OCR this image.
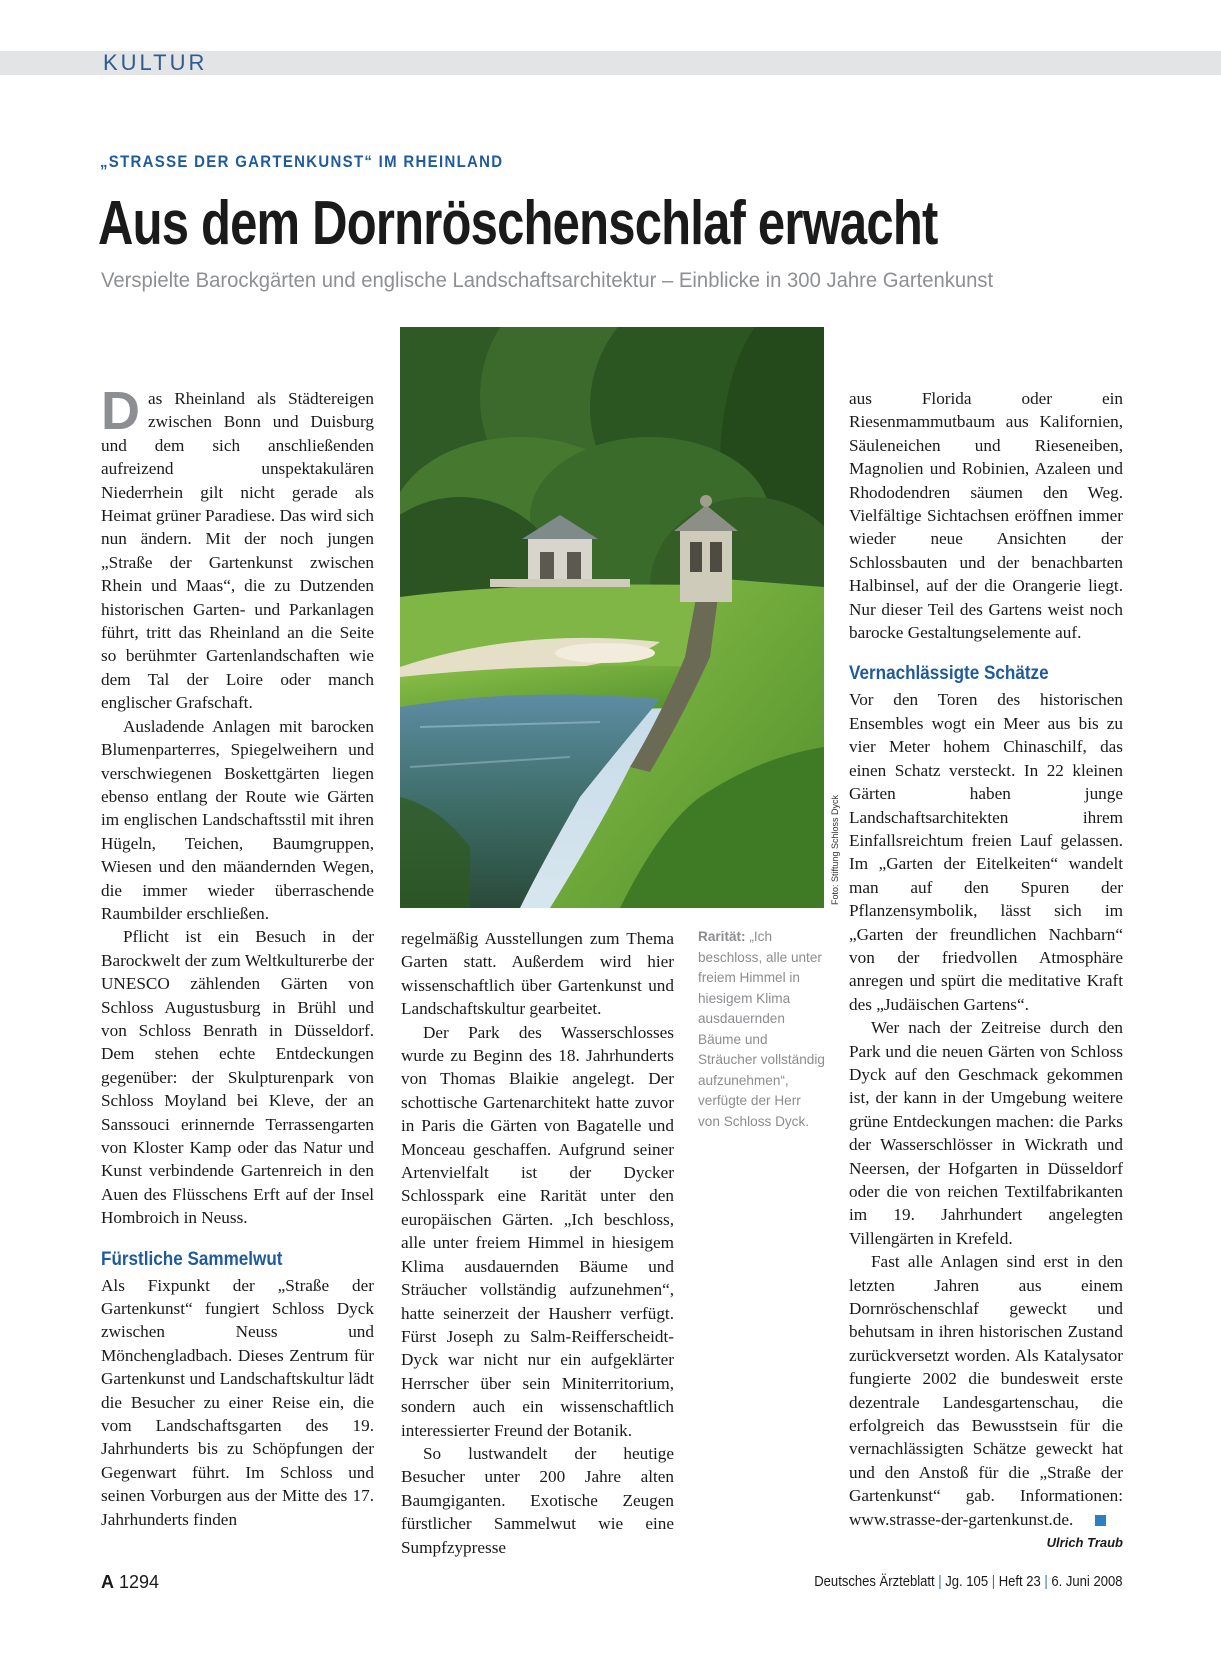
KULTUR
„STRASSE DER GARTENKUNST“ IM RHEINLAND
Aus dem Dornröschenschlaf erwacht
Verspielte Barockgärten und englische Landschaftsarchitektur – Einblicke in 300 Jahre Gartenkunst

Das Rheinland als Städtereigen zwischen Bonn und Duisburg und dem sich anschließenden aufreizend unspektakulären Niederrhein gilt nicht gerade als Heimat grüner Paradiese. Das wird sich nun ändern. Mit der noch jungen „Straße der Gartenkunst zwischen Rhein und Maas“, die zu Dutzenden historischen Garten- und Parkanlagen führt, tritt das Rheinland an die Seite so berühmter Gartenlandschaften wie dem Tal der Loire oder manch englischer Grafschaft.

Ausladende Anlagen mit barocken Blumenparterres, Spiegelweihern und verschwiegenen Boskettgärten liegen ebenso entlang der Route wie Gärten im englischen Landschaftsstil mit ihren Hügeln, Teichen, Baumgruppen, Wiesen und den mäandernden Wegen, die immer wieder überraschende Raumbilder erschließen.

Pflicht ist ein Besuch in der Barockwelt der zum Weltkulturerbe der UNESCO zählenden Gärten von Schloss Augustusburg in Brühl und von Schloss Benrath in Düsseldorf. Dem stehen echte Entdeckungen gegenüber: der Skulpturenpark von Schloss Moyland bei Kleve, der an Sanssouci erinnernde Terrassengarten von Kloster Kamp oder das Natur und Kunst verbindende Gartenreich in den Auen des Flüsschens Erft auf der Insel Hombroich in Neuss.

Fürstliche Sammelwut

Als Fixpunkt der „Straße der Gartenkunst“ fungiert Schloss Dyck zwischen Neuss und Mönchengladbach. Dieses Zentrum für Gartenkunst und Landschaftskultur lädt die Besucher zu einer Reise ein, die vom Landschaftsgarten des 19. Jahrhunderts bis zu Schöpfungen der Gegenwart führt. Im Schloss und seinen Vorburgen aus der Mitte des 17. Jahrhunderts finden

Foto: Stiftung Schloss Dyck

regelmäßig Ausstellungen zum Thema Garten statt. Außerdem wird hier wissenschaftlich über Gartenkunst und Landschaftskultur gearbeitet.

Der Park des Wasserschlosses wurde zu Beginn des 18. Jahrhunderts von Thomas Blaikie angelegt. Der schottische Gartenarchitekt hatte zuvor in Paris die Gärten von Bagatelle und Monceau geschaffen. Aufgrund seiner Artenvielfalt ist der Dycker Schlosspark eine Rarität unter den europäischen Gärten. „Ich beschloss, alle unter freiem Himmel in hiesigem Klima ausdauernden Bäume und Sträucher vollständig aufzunehmen“, hatte seinerzeit der Hausherr verfügt. Fürst Joseph zu Salm-Reifferscheidt-Dyck war nicht nur ein aufgeklärter Herrscher über sein Miniterritorium, sondern auch ein wissenschaftlich interessierter Freund der Botanik.

So lustwandelt der heutige Besucher unter 200 Jahre alten Baumgiganten. Exotische Zeugen fürstlicher Sammelwut wie eine Sumpfzypresse

Rarität: „Ich beschloss, alle unter freiem Himmel in hiesigem Klima ausdauernden Bäume und Sträucher vollständig aufzunehmen“, verfügte der Herr von Schloss Dyck.

aus Florida oder ein Riesenmammutbaum aus Kalifornien, Säuleneichen und Rieseneiben, Magnolien und Robinien, Azaleen und Rhododendren säumen den Weg. Vielfältige Sichtachsen eröffnen immer wieder neue Ansichten der Schlossbauten und der benachbarten Halbinsel, auf der die Orangerie liegt. Nur dieser Teil des Gartens weist noch barocke Gestaltungselemente auf.

Vernachlässigte Schätze

Vor den Toren des historischen Ensembles wogt ein Meer aus bis zu vier Meter hohem Chinaschilf, das einen Schatz versteckt. In 22 kleinen Gärten haben junge Landschaftsarchitekten ihrem Einfallsreichtum freien Lauf gelassen. Im „Garten der Eitelkeiten“ wandelt man auf den Spuren der Pflanzensymbolik, lässt sich im „Garten der freundlichen Nachbarn“ von der friedvollen Atmosphäre anregen und spürt die meditative Kraft des „Judäischen Gartens“.

Wer nach der Zeitreise durch den Park und die neuen Gärten von Schloss Dyck auf den Geschmack gekommen ist, der kann in der Umgebung weitere grüne Entdeckungen machen: die Parks der Wasserschlösser in Wickrath und Neersen, der Hofgarten in Düsseldorf oder die von reichen Textilfabrikanten im 19. Jahrhundert angelegten Villengärten in Krefeld.

Fast alle Anlagen sind erst in den letzten Jahren aus einem Dornröschenschlaf geweckt und behutsam in ihren historischen Zustand zurückversetzt worden. Als Katalysator fungierte 2002 die bundesweit erste dezentrale Landesgartenschau, die erfolgreich das Bewusstsein für die vernachlässigten Schätze geweckt hat und den Anstoß für die „Straße der Gartenkunst“ gab. Informationen: www.strasse-der-gartenkunst.de.

Ulrich Traub
A 1294	Deutsches Ärzteblatt | Jg. 105 | Heft 23 | 6. Juni 2008
